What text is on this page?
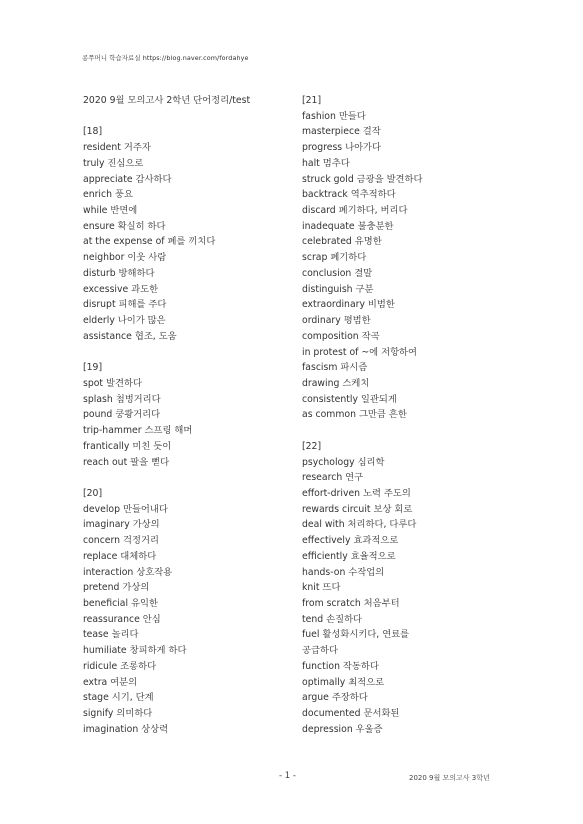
콩쭈머니 학습자료실 https://blog.naver.com/fordahye
2020 9월 모의고사 2학년 단어정리/test
[18]
resident 거주자
truly 진심으로
appreciate 감사하다
enrich 풍요
while 반면에
ensure 확실히 하다
at the expense of 폐를 끼치다
neighbor 이웃 사람
disturb 방해하다
excessive 과도한
disrupt 피해를 주다
elderly 나이가 많은
assistance 협조, 도움
[19]
spot 발견하다
splash 첨벙거리다
pound 쿵쾅거리다
trip-hammer 스프링 해머
frantically 미친 듯이
reach out 팔을 뻗다
[20]
develop 만들어내다
imaginary 가상의
concern 걱정거리
replace 대체하다
interaction 상호작용
pretend 가상의
beneficial 유익한
reassurance 안심
tease 놀리다
humiliate 창피하게 하다
ridicule 조롱하다
extra 여분의
stage 시기, 단계
signify 의미하다
imagination 상상력
[21]
fashion 만들다
masterpiece 걸작
progress 나아가다
halt 멈추다
struck gold 금광을 발견하다
backtrack 역추적하다
discard 폐기하다, 버리다
inadequate 불충분한
celebrated 유명한
scrap 폐기하다
conclusion 결말
distinguish 구분
extraordinary 비범한
ordinary 평범한
composition 작곡
in protest of ~에 저항하여
fascism 파시즘
drawing 스케치
consistently 일관되게
as common 그만큼 흔한
[22]
psychology 심리학
research 연구
effort-driven 노력 주도의
rewards circuit 보상 회로
deal with 처리하다, 다루다
effectively 효과적으로
efficiently 효율적으로
hands-on 수작업의
knit 뜨다
from scratch 처음부터
tend 손질하다
fuel 활성화시키다, 연료를
공급하다
function 작동하다
optimally 최적으로
argue 주장하다
documented 문서화된
depression 우울증
- 1 -	2020 9월 모의고사 3학년
